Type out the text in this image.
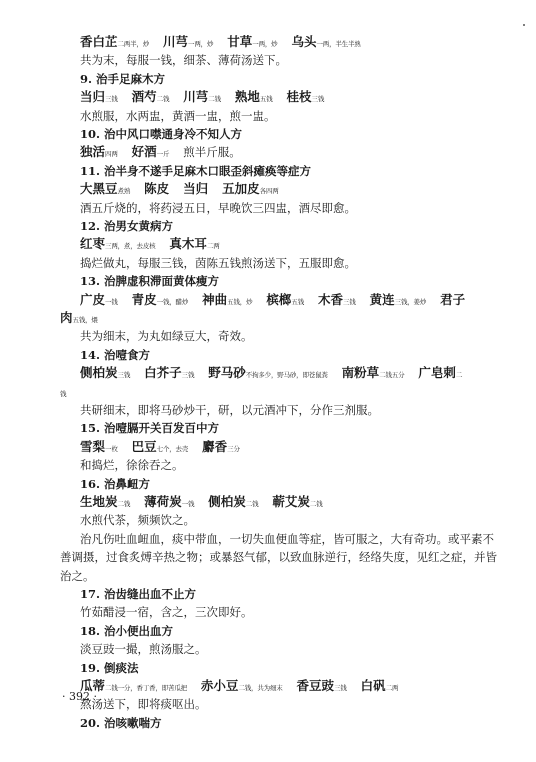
香白芷二两半，炒 川芎一两，炒 甘草一两，炒 乌头一两，半生半熟
共为末，每服一钱，细茶、薄荷汤送下。
9. 治手足麻木方
当归三钱 酒芍二钱 川芎二钱 熟地五钱 桂枝三钱
水煎服，水两盅，黄酒一盅，煎一盅。
10. 治中风口噤通身冷不知人方
独活四两 好酒一斤 煎半斤服。
11. 治半身不遂手足麻木口眼歪斜瘫痪等症方
大黑豆煮熟 陈皮 当归 五加皮各四两
酒五斤烧的，将药浸五日，早晚饮三四盅，酒尽即愈。
12. 治男女黄病方
红枣三两，煮，去皮核 真木耳二两
捣烂做丸，每服三钱，茵陈五钱煎汤送下，五服即愈。
13. 治脾虚积滞面黄体瘦方
广皮一钱 青皮一钱，醋炒 神曲五钱，炒 槟榔五钱 木香三钱 黄连三钱，姜炒 君子
肉五钱，煨
共为细末，为丸如绿豆大，奇效。
14. 治噎食方
侧柏炭三钱 白芥子三钱 野马砂不拘多少，野马砂，即苍鼠粪 南粉草二钱五分 广皂刺二
钱
共研细末，即将马砂炒干，研，以元酒冲下，分作三剂服。
15. 治噎膈开关百发百中方
雪梨一枚 巴豆七个，去壳 麝香三分
和捣烂，徐徐吞之。
16. 治鼻衄方
生地炭二钱 薄荷炭一钱 侧柏炭二钱 蕲艾炭二钱
水煎代茶，频频饮之。
治凡伤吐血衄血，痰中带血，一切失血便血等症，皆可服之，大有奇功。或平素不
善调摄，过食炙煿辛热之物；或暴怒气郁，以致血脉逆行，经络失度，见红之症，并皆
治之。
17. 治齿缝出血不止方
竹茹醋浸一宿，含之，三次即好。
18. 治小便出血方
淡豆豉一撮，煎汤服之。
19. 倒痰法
瓜蒂二钱一分，香丁香，即苦瓜把 赤小豆二钱，共为细末 香豆豉三钱 白矾二两
熬汤送下，即将痰呕出。
20. 治咳嗽喘方
· 392 ·
